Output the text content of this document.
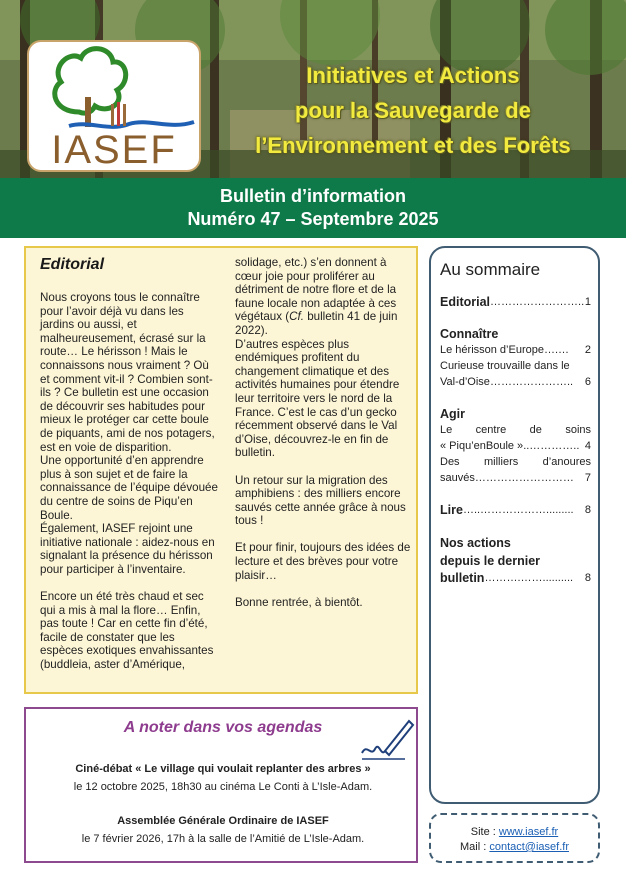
IASEF
Initiatives et Actions
pour la Sauvegarde de
l’Environnement et des Forêts
Bulletin d’information
Numéro 47 – Septembre 2025
Editorial

Nous croyons tous le connaître pour l’avoir déjà vu dans les jardins ou aussi, et malheureusement, écrasé sur la route… Le hérisson ! Mais le connaissons nous vraiment ? Où et comment vit-il ? Combien sont-ils ? Ce bulletin est une occasion de découvrir ses habitudes pour mieux le protéger car cette boule de piquants, ami de nos potagers, est en voie de disparition.

Une opportunité d’en apprendre plus à son sujet et de faire la connaissance de l’équipe dévouée du centre de soins de Piqu’en Boule.

Également, IASEF rejoint une initiative nationale : aidez-nous en signalant la présence du hérisson pour participer à l’inventaire.

Encore un été très chaud et sec qui a mis à mal la flore… Enfin, pas toute ! Car en cette fin d’été, facile de constater que les espèces exotiques envahissantes (buddleia, aster d’Amérique,

solidage, etc.) s’en donnent à cœur joie pour proliférer au détriment de notre flore et de la faune locale non adaptée à ces végétaux (Cf. bulletin 41 de juin 2022).

D’autres espèces plus endémiques profitent du changement climatique et des activités humaines pour étendre leur territoire vers le nord de la France. C’est le cas d’un gecko récemment observé dans le Val d’Oise, découvrez-le en fin de bulletin.

Un retour sur la migration des amphibiens : des milliers encore sauvés cette année grâce à nous tous !

Et pour finir, toujours des idées de lecture et des brèves pour votre plaisir…

Bonne rentrée, à bientôt.

Au sommaire
Editorial …………………….. 1
Connaître
Le hérisson d’Europe ….…	2
Curieuse trouvaille dans le
Val-d’Oise …………………..	6
Agir
Le centre de soins
« Piqu’enBoule » ..………….. 4
Des milliers d’anoures
sauvés ………………………	7
Lire …..……………….........	8
Nos actions
depuis le dernier
bulletin ……….……..........	8
A noter dans vos agendas
Ciné-débat « Le village qui voulait replanter des arbres »
le 12 octobre 2025, 18h30 au cinéma Le Conti à L’Isle-Adam.
Assemblée Générale Ordinaire de IASEF
le 7 février 2026, 17h à la salle de l’Amitié de L’Isle-Adam.
Site : www.iasef.fr
Mail : contact@iasef.fr
